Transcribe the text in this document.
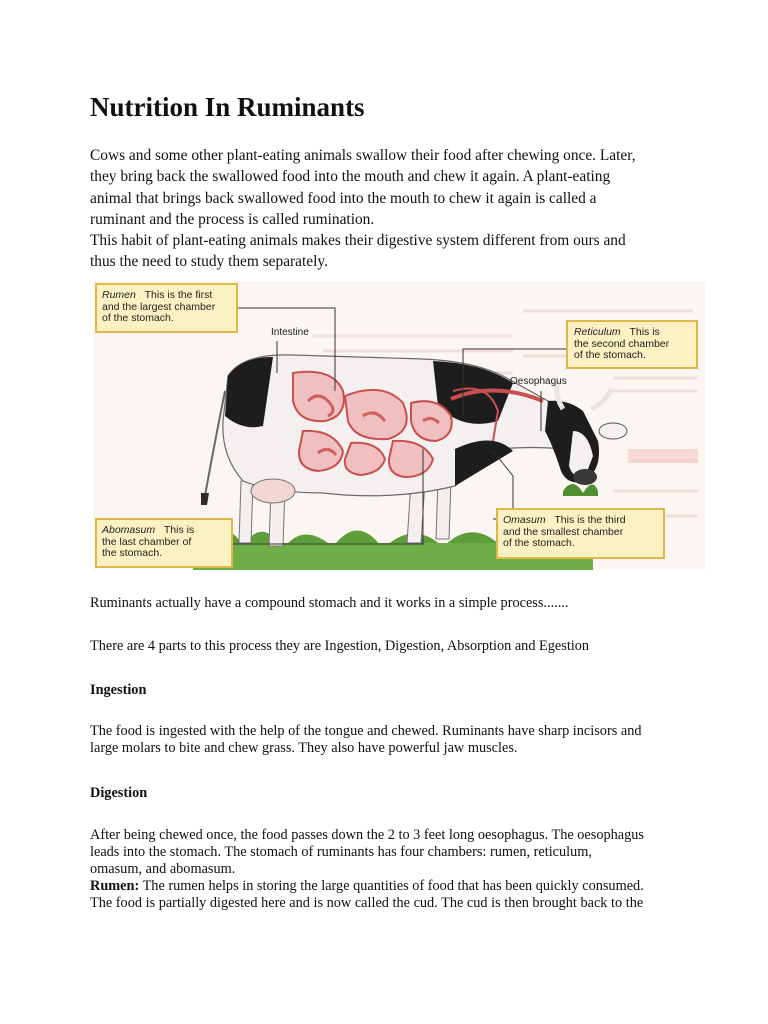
Nutrition In Ruminants

Cows and some other plant-eating animals swallow their food after chewing once. Later,
they bring back the swallowed food into the mouth and chew it again. A plant-eating
animal that brings back swallowed food into the mouth to chew it again is called a
ruminant and the process is called rumination.

This habit of plant-eating animals makes their digestive system different from ours and
thus the need to study them separately.

Rumen This is the first
and the largest chamber
of the stomach.
Reticulum This is
the second chamber
of the stomach.
Abomasum This is
the last chamber of
the stomach.
Omasum This is the third
and the smallest chamber
of the stomach.
Intestine
Oesophagus

Ruminants actually have a compound stomach and it works in a simple process.......

There are 4 parts to this process they are Ingestion, Digestion, Absorption and Egestion

Ingestion

The food is ingested with the help of the tongue and chewed. Ruminants have sharp incisors and
large molars to bite and chew grass. They also have powerful jaw muscles.

Digestion

After being chewed once, the food passes down the 2 to 3 feet long oesophagus. The oesophagus
leads into the stomach. The stomach of ruminants has four chambers: rumen, reticulum,
omasum, and abomasum.
Rumen: The rumen helps in storing the large quantities of food that has been quickly consumed.
The food is partially digested here and is now called the cud. The cud is then brought back to the
